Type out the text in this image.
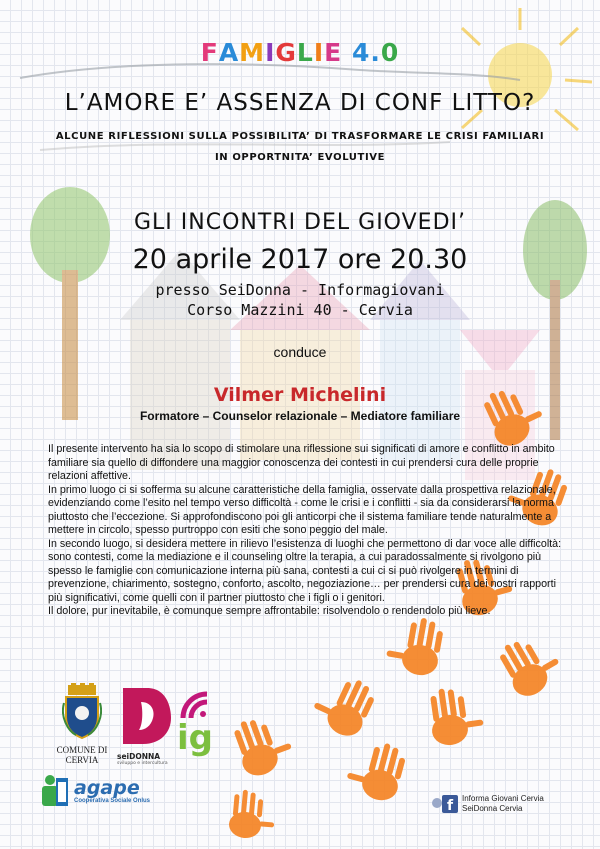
FAMIGLIE 4.0
L’AMORE E’ ASSENZA DI CONF LITTO?
ALCUNE RIFLESSIONI SULLA POSSIBILITA’ DI TRASFORMARE LE CRISI FAMILIARI
IN OPPORTNITA’ EVOLUTIVE
GLI INCONTRI DEL GIOVEDI’
20 aprile 2017 ore 20.30
presso SeiDonna - Informagiovani
Corso Mazzini 40 - Cervia
conduce
Vilmer Michelini
Formatore – Counselor relazionale – Mediatore familiare

Il presente intervento ha sia lo scopo di stimolare una riflessione sui significati di amore e conflitto in ambito familiare sia quello di diffondere una maggior conoscenza dei contesti in cui prendersi cura delle proprie relazioni affettive.

In primo luogo ci si sofferma su alcune caratteristiche della famiglia, osservate dalla prospettiva relazionale, evidenziando come l’esito nel tempo verso difficoltà - come le crisi e i conflitti - sia da considerarsi la norma piuttosto che l’eccezione. Si approfondiscono poi gli anticorpi che il sistema familiare tende naturalmente a mettere in circolo, spesso purtroppo con esiti che sono peggio del male.

In secondo luogo, si desidera mettere in rilievo l’esistenza di luoghi che permettono di dar voce alle difficoltà: sono contesti, come la mediazione e il counseling oltre la terapia, a cui paradossalmente si rivolgono più spesso le famiglie con comunicazione interna più sana, contesti a cui ci si può rivolgere in termini di prevenzione, chiarimento, sostegno, conforto, ascolto, negoziazione… per prendersi cura dei nostri rapporti più significativi, come quelli con il partner piuttosto che i figli o i genitori.

Il dolore, pur inevitabile, è comunque sempre affrontabile: risolvendolo o rendendolo più lieve.

COMUNE DI CERVIA	seiDONNA
sviluppo e intercultura
ig
agape
Cooperativa Sociale Onlus	f Informa Giovani Cervia
SeiDonna Cervia
